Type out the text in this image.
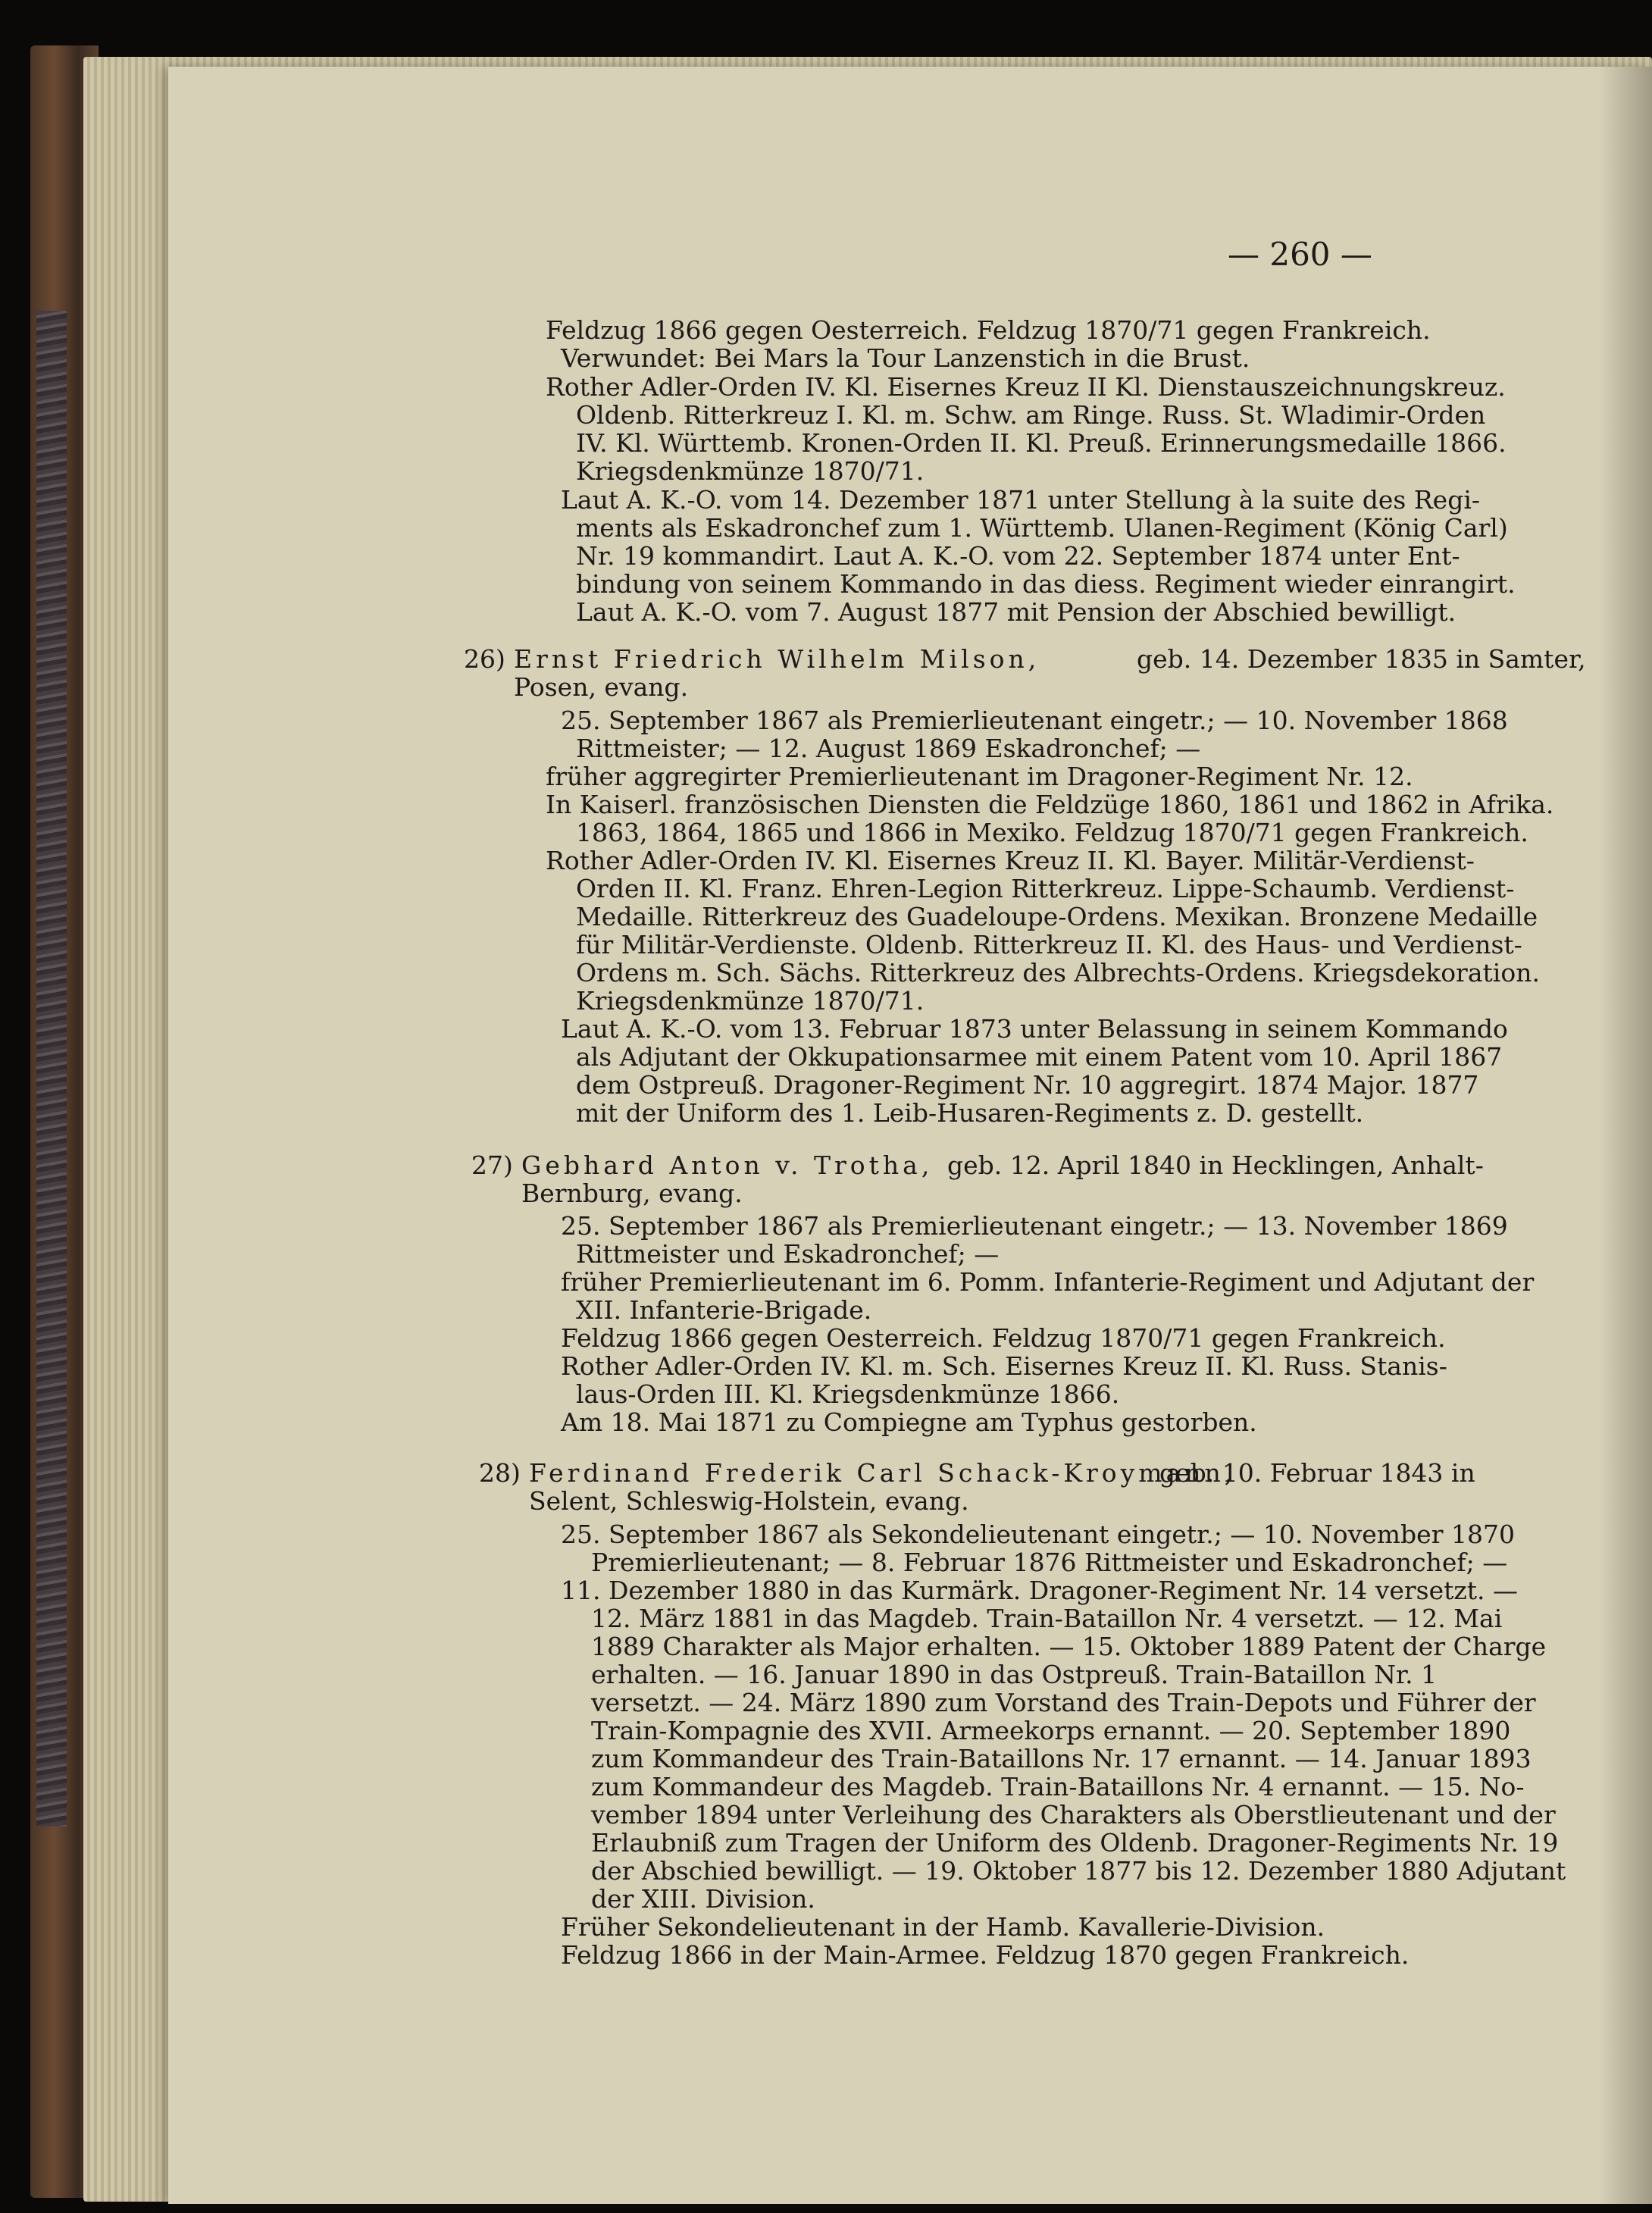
— 260 —

Feldzug 1866 gegen Oesterreich. Feldzug 1870/71 gegen Frankreich.

Verwundet: Bei Mars la Tour Lanzenstich in die Brust.

Rother Adler-Orden IV. Kl. Eisernes Kreuz II Kl. Dienstauszeichnungskreuz.

Oldenb. Ritterkreuz I. Kl. m. Schw. am Ringe. Russ. St. Wladimir-Orden

IV. Kl. Württemb. Kronen-Orden II. Kl. Preuß. Erinnerungsmedaille 1866.

Kriegsdenkmünze 1870/71.

Laut A. K.-O. vom 14. Dezember 1871 unter Stellung à la suite des Regi-

ments als Eskadronchef zum 1. Württemb. Ulanen-Regiment (König Carl)

Nr. 19 kommandirt. Laut A. K.-O. vom 22. September 1874 unter Ent-

bindung von seinem Kommando in das diess. Regiment wieder einrangirt.

Laut A. K.-O. vom 7. August 1877 mit Pension der Abschied bewilligt.

26) Ernst Friedrich Wilhelm Milson,	geb. 14. Dezember 1835 in Samter,

Posen, evang.

25. September 1867 als Premierlieutenant eingetr.; — 10. November 1868

Rittmeister; — 12. August 1869 Eskadronchef; —

früher aggregirter Premierlieutenant im Dragoner-Regiment Nr. 12.

In Kaiserl. französischen Diensten die Feldzüge 1860, 1861 und 1862 in Afrika.

1863, 1864, 1865 und 1866 in Mexiko. Feldzug 1870/71 gegen Frankreich.

Rother Adler-Orden IV. Kl. Eisernes Kreuz II. Kl. Bayer. Militär-Verdienst-

Orden II. Kl. Franz. Ehren-Legion Ritterkreuz. Lippe-Schaumb. Verdienst-

Medaille. Ritterkreuz des Guadeloupe-Ordens. Mexikan. Bronzene Medaille

für Militär-Verdienste. Oldenb. Ritterkreuz II. Kl. des Haus- und Verdienst-

Ordens m. Sch. Sächs. Ritterkreuz des Albrechts-Ordens. Kriegsdekoration.

Kriegsdenkmünze 1870/71.

Laut A. K.-O. vom 13. Februar 1873 unter Belassung in seinem Kommando

als Adjutant der Okkupationsarmee mit einem Patent vom 10. April 1867

dem Ostpreuß. Dragoner-Regiment Nr. 10 aggregirt. 1874 Major. 1877

mit der Uniform des 1. Leib-Husaren-Regiments z. D. gestellt.

27) Gebhard Anton v. Trotha, geb. 12. April 1840 in Hecklingen, Anhalt-

Bernburg, evang.

25. September 1867 als Premierlieutenant eingetr.; — 13. November 1869

Rittmeister und Eskadronchef; —

früher Premierlieutenant im 6. Pomm. Infanterie-Regiment und Adjutant der

XII. Infanterie-Brigade.

Feldzug 1866 gegen Oesterreich. Feldzug 1870/71 gegen Frankreich.

Rother Adler-Orden IV. Kl. m. Sch. Eisernes Kreuz II. Kl. Russ. Stanis-

laus-Orden III. Kl. Kriegsdenkmünze 1866.

Am 18. Mai 1871 zu Compiegne am Typhus gestorben.

28) Ferdinand Frederik Carl Schack-Kroymann,

geb. 10. Februar 1843 in

Selent, Schleswig-Holstein, evang.

25. September 1867 als Sekondelieutenant eingetr.; — 10. November 1870

Premierlieutenant; — 8. Februar 1876 Rittmeister und Eskadronchef; —

11. Dezember 1880 in das Kurmärk. Dragoner-Regiment Nr. 14 versetzt. —

12. März 1881 in das Magdeb. Train-Bataillon Nr. 4 versetzt. — 12. Mai

1889 Charakter als Major erhalten. — 15. Oktober 1889 Patent der Charge

erhalten. — 16. Januar 1890 in das Ostpreuß. Train-Bataillon Nr. 1

versetzt. — 24. März 1890 zum Vorstand des Train-Depots und Führer der

Train-Kompagnie des XVII. Armeekorps ernannt. — 20. September 1890

zum Kommandeur des Train-Bataillons Nr. 17 ernannt. — 14. Januar 1893

zum Kommandeur des Magdeb. Train-Bataillons Nr. 4 ernannt. — 15. No-

vember 1894 unter Verleihung des Charakters als Oberstlieutenant und der

Erlaubniß zum Tragen der Uniform des Oldenb. Dragoner-Regiments Nr. 19

der Abschied bewilligt. — 19. Oktober 1877 bis 12. Dezember 1880 Adjutant

der XIII. Division.

Früher Sekondelieutenant in der Hamb. Kavallerie-Division.

Feldzug 1866 in der Main-Armee. Feldzug 1870 gegen Frankreich.
